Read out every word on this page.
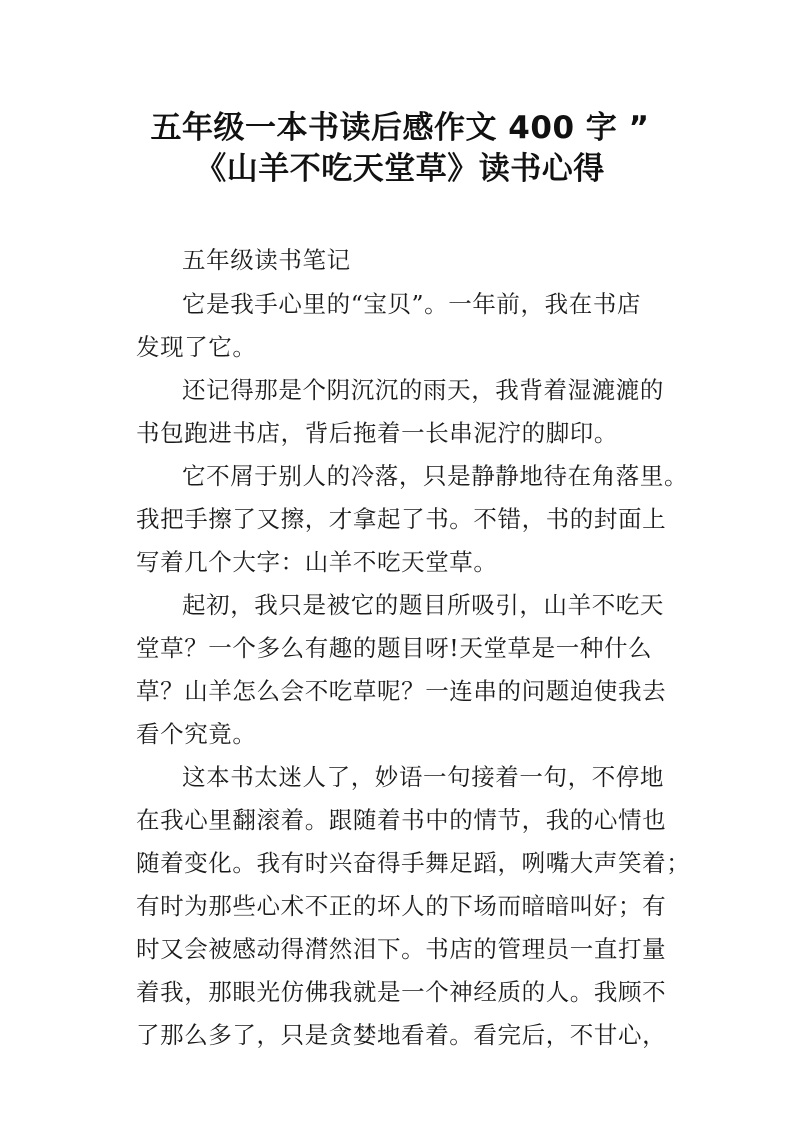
五年级一本书读后感作文 400 字 ”
《山羊不吃天堂草》读书心得
五年级读书笔记
它是我手心里的“宝贝”。一年前，我在书店
发现了它。
还记得那是个阴沉沉的雨天，我背着湿漉漉的
书包跑进书店，背后拖着一长串泥泞的脚印。
它不屑于别人的冷落，只是静静地待在角落里。
我把手擦了又擦，才拿起了书。不错，书的封面上
写着几个大字：山羊不吃天堂草。
起初，我只是被它的题目所吸引，山羊不吃天
堂草？一个多么有趣的题目呀!天堂草是一种什么
草？山羊怎么会不吃草呢？一连串的问题迫使我去
看个究竟。
这本书太迷人了，妙语一句接着一句，不停地
在我心里翻滚着。跟随着书中的情节，我的心情也
随着变化。我有时兴奋得手舞足蹈，咧嘴大声笑着；
有时为那些心术不正的坏人的下场而暗暗叫好；有
时又会被感动得潸然泪下。书店的管理员一直打量
着我，那眼光仿佛我就是一个神经质的人。我顾不
了那么多了，只是贪婪地看着。看完后，不甘心，
